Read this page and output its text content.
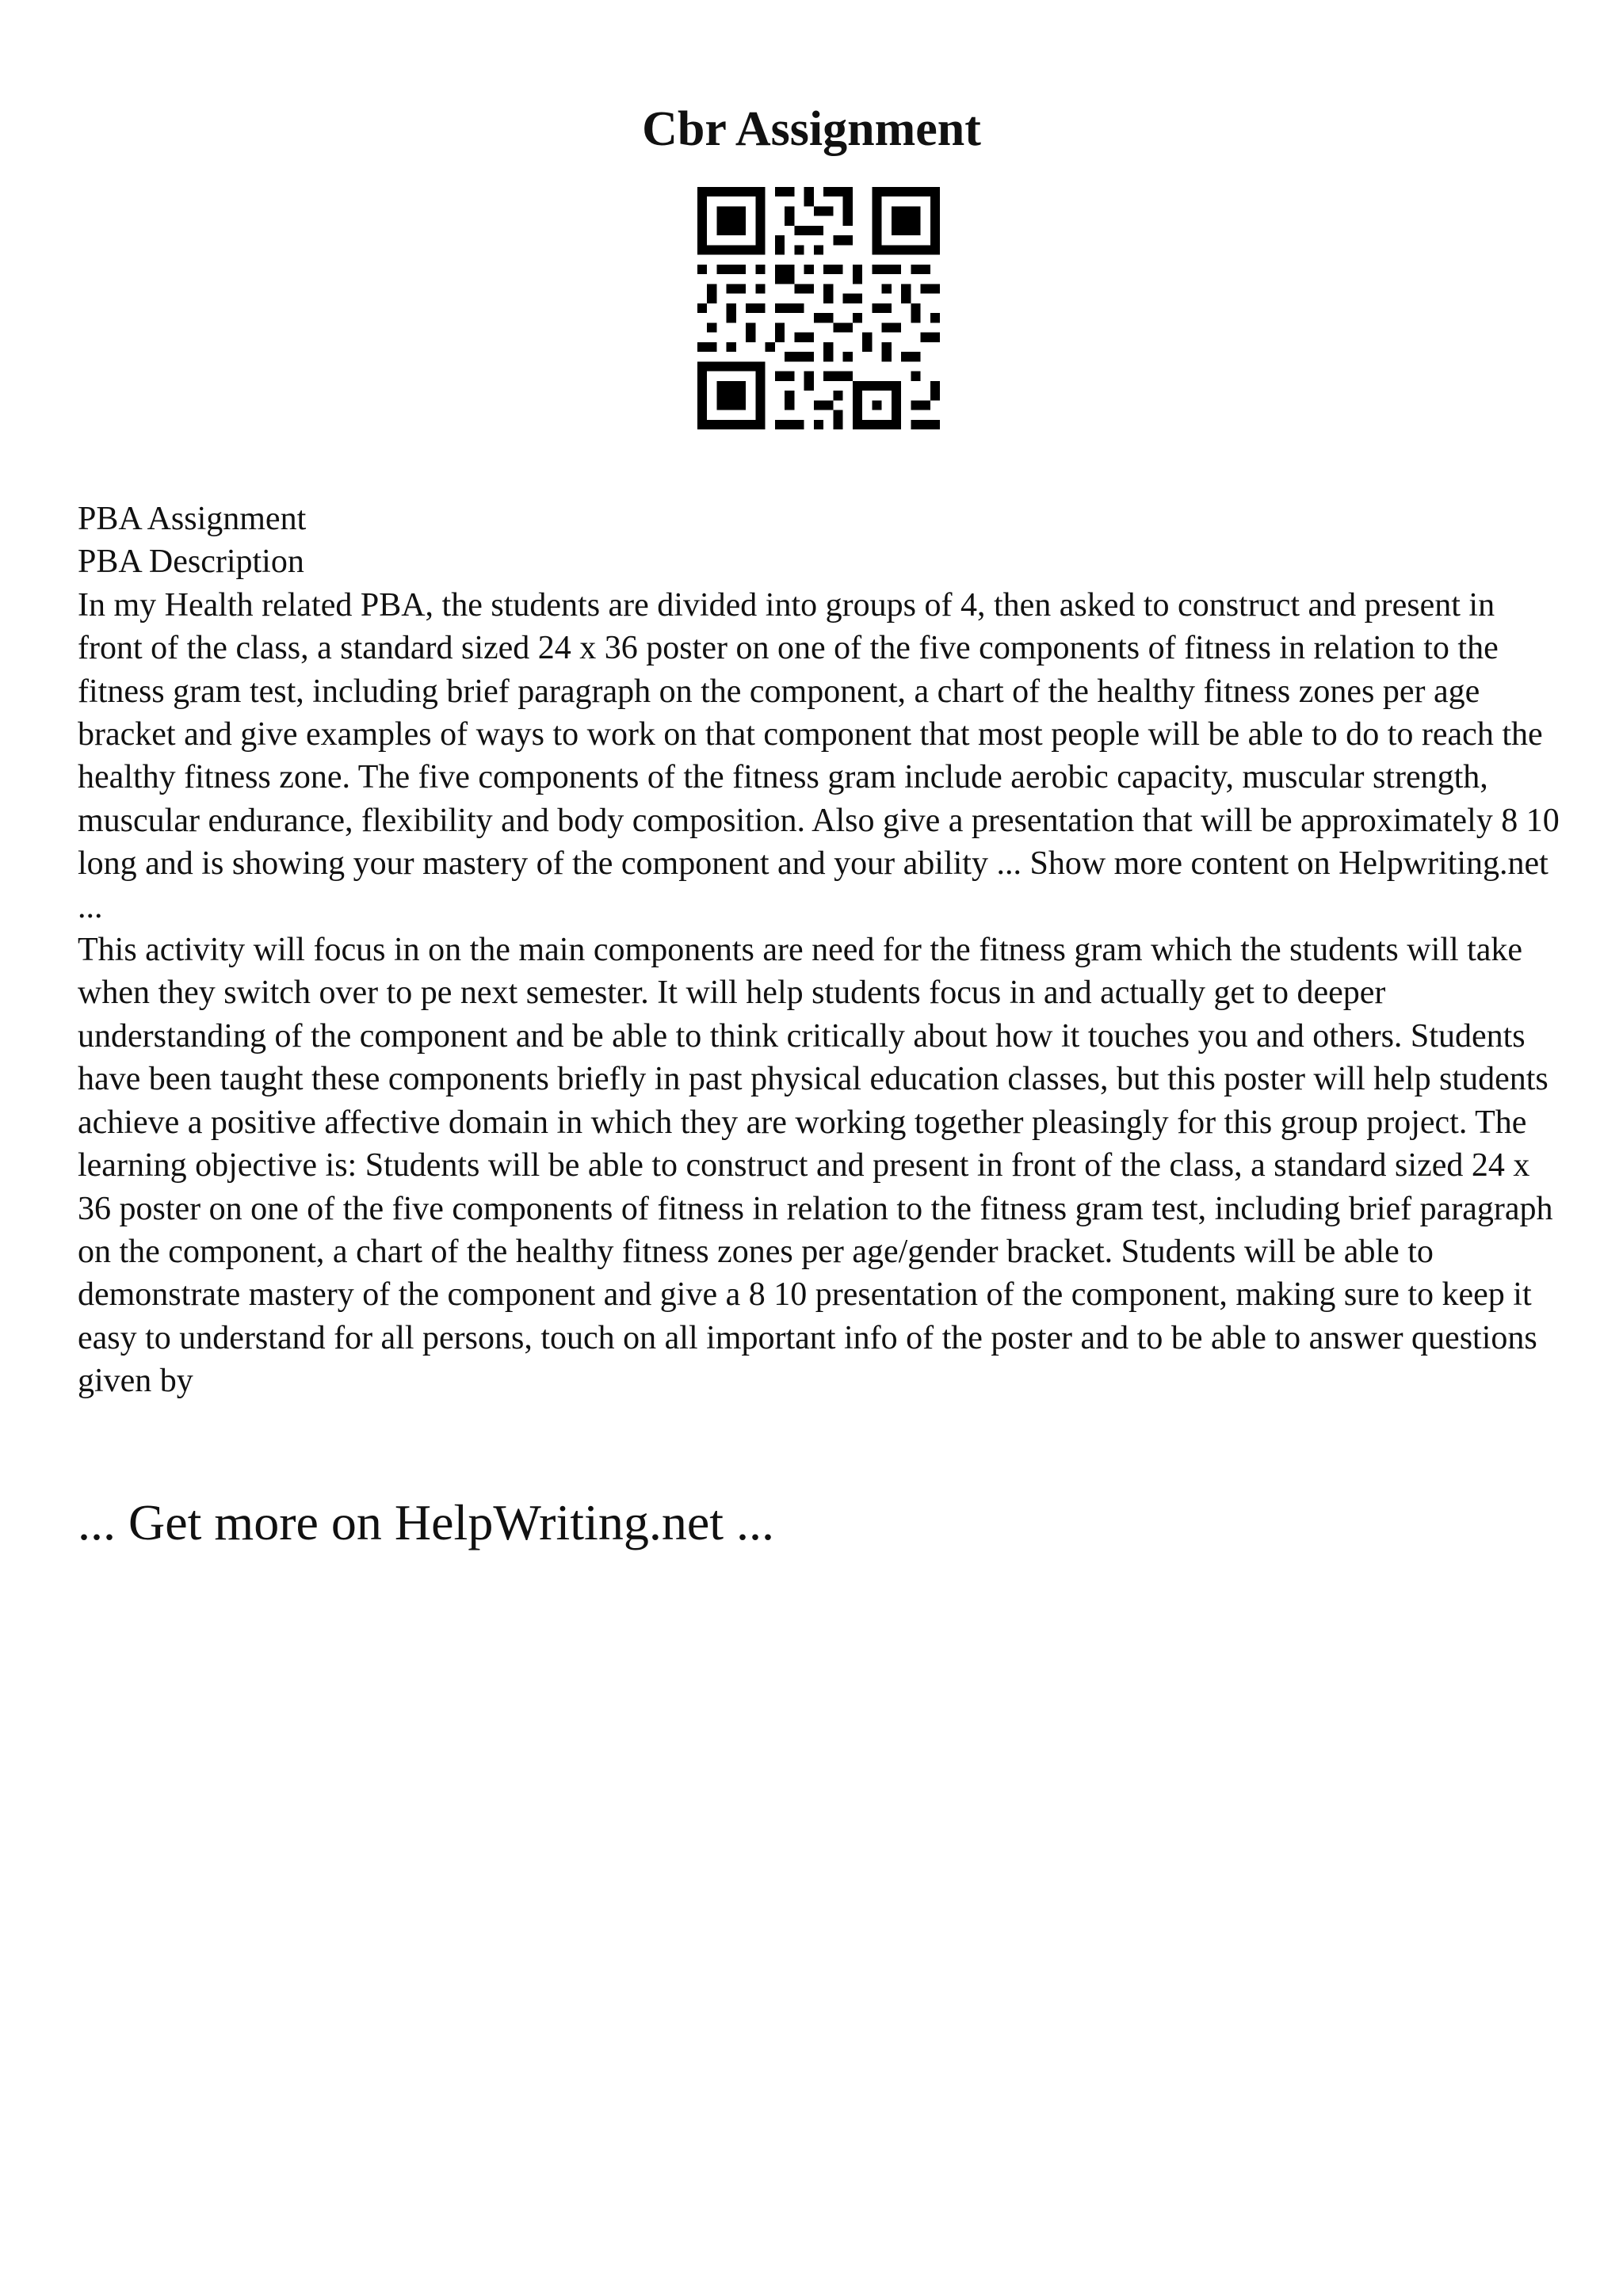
Cbr Assignment

PBA Assignment

PBA Description

In my Health related PBA, the students are divided into groups of 4, then asked to construct and present in front of the class, a standard sized 24 x 36 poster on one of the five components of fitness in relation to the fitness gram test, including brief paragraph on the component, a chart of the healthy fitness zones per age bracket and give examples of ways to work on that component that most people will be able to do to reach the healthy fitness zone. The five components of the fitness gram include aerobic capacity, muscular strength, muscular endurance, flexibility and body composition. Also give a presentation that will be approximately 8 10 long and is showing your mastery of the component and your ability ... Show more content on Helpwriting.net ...

This activity will focus in on the main components are need for the fitness gram which the students will take when they switch over to pe next semester. It will help students focus in and actually get to deeper understanding of the component and be able to think critically about how it touches you and others. Students have been taught these components briefly in past physical education classes, but this poster will help students achieve a positive affective domain in which they are working together pleasingly for this group project. The learning objective is: Students will be able to construct and present in front of the class, a standard sized 24 x 36 poster on one of the five components of fitness in relation to the fitness gram test, including brief paragraph on the component, a chart of the healthy fitness zones per age/gender bracket. Students will be able to demonstrate mastery of the component and give a 8 10 presentation of the component, making sure to keep it easy to understand for all persons, touch on all important info of the poster and to be able to answer questions given by

... Get more on HelpWriting.net ...
